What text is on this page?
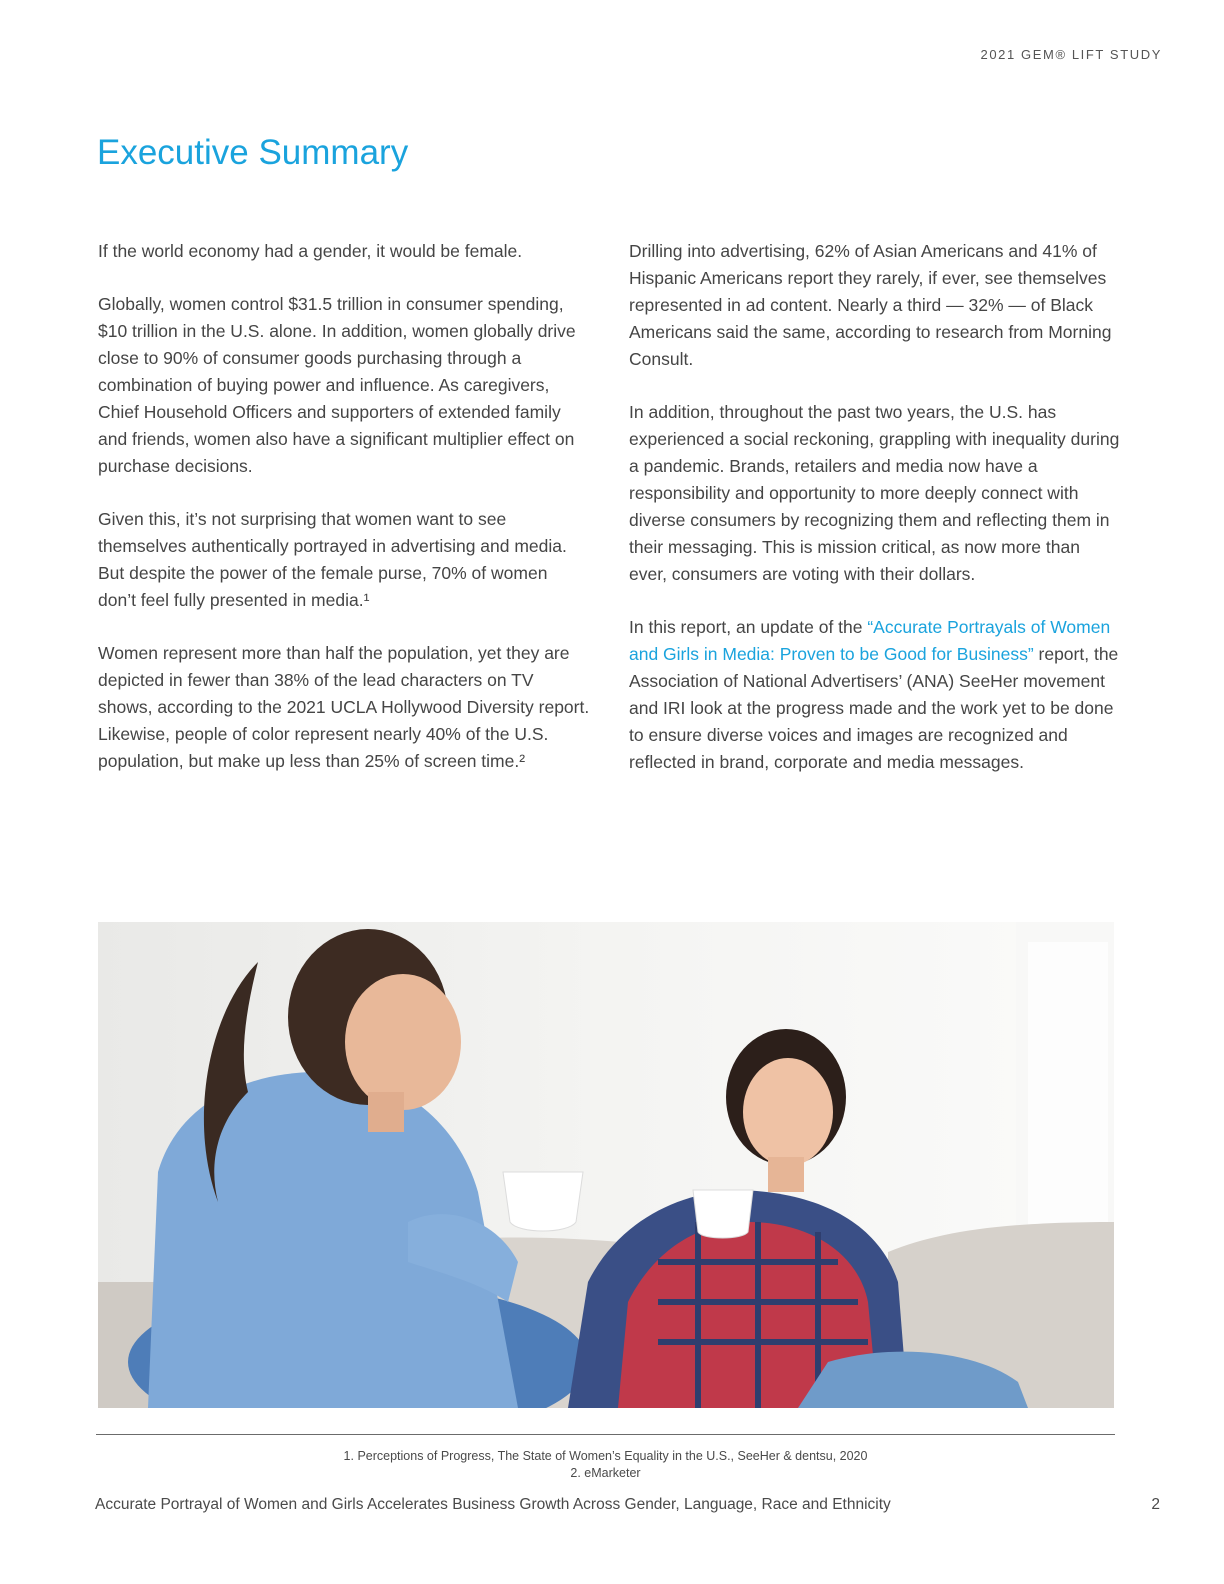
2021 GEM® LIFT STUDY
Executive Summary

If the world economy had a gender, it would be female.

Globally, women control $31.5 trillion in consumer spending, $10 trillion in the U.S. alone. In addition, women globally drive close to 90% of consumer goods purchasing through a combination of buying power and influence. As caregivers, Chief Household Officers and supporters of extended family and friends, women also have a significant multiplier effect on purchase decisions.

Given this, it’s not surprising that women want to see themselves authentically portrayed in advertising and media. But despite the power of the female purse, 70% of women don’t feel fully presented in media.¹

Women represent more than half the population, yet they are depicted in fewer than 38% of the lead characters on TV shows, according to the 2021 UCLA Hollywood Diversity report. Likewise, people of color represent nearly 40% of the U.S. population, but make up less than 25% of screen time.²

Drilling into advertising, 62% of Asian Americans and 41% of Hispanic Americans report they rarely, if ever, see themselves represented in ad content. Nearly a third — 32% — of Black Americans said the same, according to research from Morning Consult.

In addition, throughout the past two years, the U.S. has experienced a social reckoning, grappling with inequality during a pandemic. Brands, retailers and media now have a responsibility and opportunity to more deeply connect with diverse consumers by recognizing them and reflecting them in their messaging. This is mission critical, as now more than ever, consumers are voting with their dollars.

In this report, an update of the “Accurate Portrayals of Women and Girls in Media: Proven to be Good for Business” report, the Association of National Advertisers’ (ANA) SeeHer movement and IRI look at the progress made and the work yet to be done to ensure diverse voices and images are recognized and reflected in brand, corporate and media messages.

1. Perceptions of Progress, The State of Women’s Equality in the U.S., SeeHer & dentsu, 2020
2. eMarketer
Accurate Portrayal of Women and Girls Accelerates Business Growth Across Gender, Language, Race and Ethnicity	2
